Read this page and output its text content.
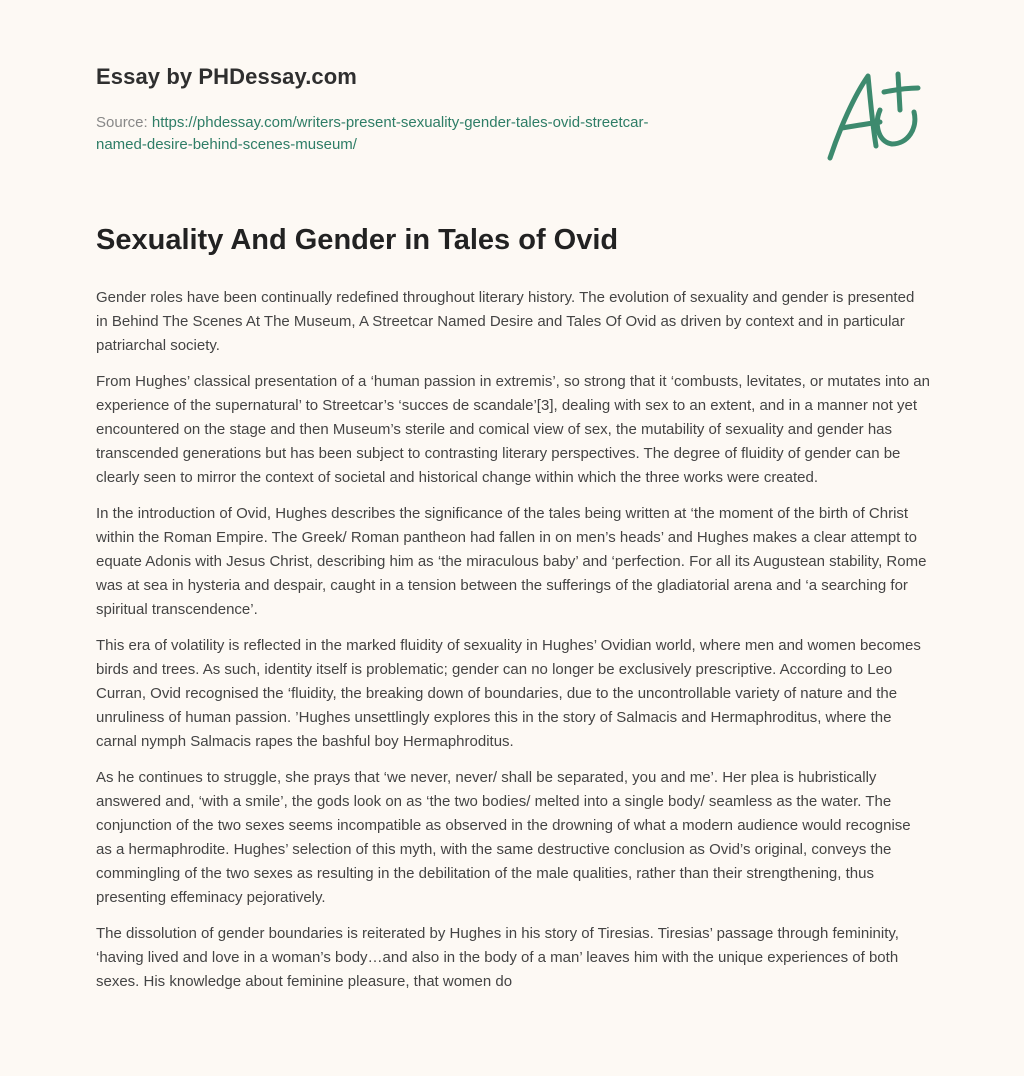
Essay by PHDessay.com

Source: https://phdessay.com/writers-present-sexuality-gender-tales-ovid-streetcar-
named-desire-behind-scenes-museum/

Sexuality And Gender in Tales of Ovid

Gender roles have been continually redefined throughout literary history. The evolution of sexuality and gender is presented in Behind The Scenes At The Museum, A Streetcar Named Desire and Tales Of Ovid as driven by context and in particular patriarchal society.

From Hughes’ classical presentation of a ‘human passion in extremis’, so strong that it ‘combusts, levitates, or mutates into an experience of the supernatural’ to Streetcar’s ‘succes de scandale’[3], dealing with sex to an extent, and in a manner not yet encountered on the stage and then Museum’s sterile and comical view of sex, the mutability of sexuality and gender has transcended generations but has been subject to contrasting literary perspectives. The degree of fluidity of gender can be clearly seen to mirror the context of societal and historical change within which the three works were created.

In the introduction of Ovid, Hughes describes the significance of the tales being written at ‘the moment of the birth of Christ within the Roman Empire. The Greek/ Roman pantheon had fallen in on men’s heads’ and Hughes makes a clear attempt to equate Adonis with Jesus Christ, describing him as ‘the miraculous baby’ and ‘perfection. For all its Augustean stability, Rome was at sea in hysteria and despair, caught in a tension between the sufferings of the gladiatorial arena and ‘a searching for spiritual transcendence’.

This era of volatility is reflected in the marked fluidity of sexuality in Hughes’ Ovidian world, where men and women becomes birds and trees. As such, identity itself is problematic; gender can no longer be exclusively prescriptive. According to Leo Curran, Ovid recognised the ‘fluidity, the breaking down of boundaries, due to the uncontrollable variety of nature and the unruliness of human passion. ’Hughes unsettlingly explores this in the story of Salmacis and Hermaphroditus, where the carnal nymph Salmacis rapes the bashful boy Hermaphroditus.

As he continues to struggle, she prays that ‘we never, never/ shall be separated, you and me’. Her plea is hubristically answered and, ‘with a smile’, the gods look on as ‘the two bodies/ melted into a single body/ seamless as the water. The conjunction of the two sexes seems incompatible as observed in the drowning of what a modern audience would recognise as a hermaphrodite. Hughes’ selection of this myth, with the same destructive conclusion as Ovid’s original, conveys the commingling of the two sexes as resulting in the debilitation of the male qualities, rather than their strengthening, thus presenting effeminacy pejoratively.

The dissolution of gender boundaries is reiterated by Hughes in his story of Tiresias. Tiresias’ passage through femininity, ‘having lived and love in a woman’s body…and also in the body of a man’ leaves him with the unique experiences of both sexes. His knowledge about feminine pleasure, that women do
